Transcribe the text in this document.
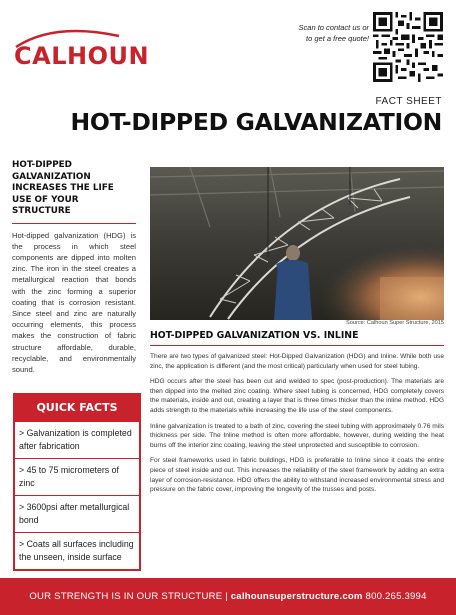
CALHOUN
Scan to contact us or to get a free quote!
FACT SHEET
HOT-DIPPED GALVANIZATION
HOT-DIPPED GALVANIZATION INCREASES THE LIFE USE OF YOUR STRUCTURE
Hot-dipped galvanization (HDG) is the process in which steel components are dipped into molten zinc. The iron in the steel creates a metallurgical reaction that bonds with the zinc forming a superior coating that is corrosion resistant. Since steel and zinc are naturally occurring elements, this process makes the construction of fabric structure affordable, durable, recyclable, and environmentally sound.
QUICK FACTS
> Galvanization is completed after fabrication
> 45 to 75 micrometers of zinc
> 3600psi after metallurgical bond
> Coats all surfaces including the unseen, inside surface
Source: Calhoun Super Structure, 2015
HOT-DIPPED GALVANIZATION VS. INLINE

There are two types of galvanized steel: Hot-Dipped Galvanization (HDG) and Inline. While both use zinc, the application is different (and the most critical) particularly when used for steel tubing.

HDG occurs after the steel has been cut and welded to spec (post-production). The materials are then dipped into the melted zinc coating. Where steel tubing is concerned, HDG completely covers the materials, inside and out, creating a layer that is three times thicker than the inline method. HDG adds strength to the materials while increasing the life use of the steel components.

Inline galvanization is treated to a bath of zinc, covering the steel tubing with approximately 0.76 mils thickness per side. The Inline method is often more affordable, however, during welding the heat burns off the interior zinc coating, leaving the steel unprotected and susceptible to corrosion.

For steel frameworks used in fabric buildings, HDG is preferable to Inline since it coats the entire piece of steel inside and out. This increases the reliability of the steel framework by adding an extra layer of corrosion-resistance. HDG offers the ability to withstand increased environmental stress and pressure on the fabric cover, improving the longevity of the trusses and posts.

OUR STRENGTH IS IN OUR STRUCTURE | calhounsuperstructure.com 800.265.3994
